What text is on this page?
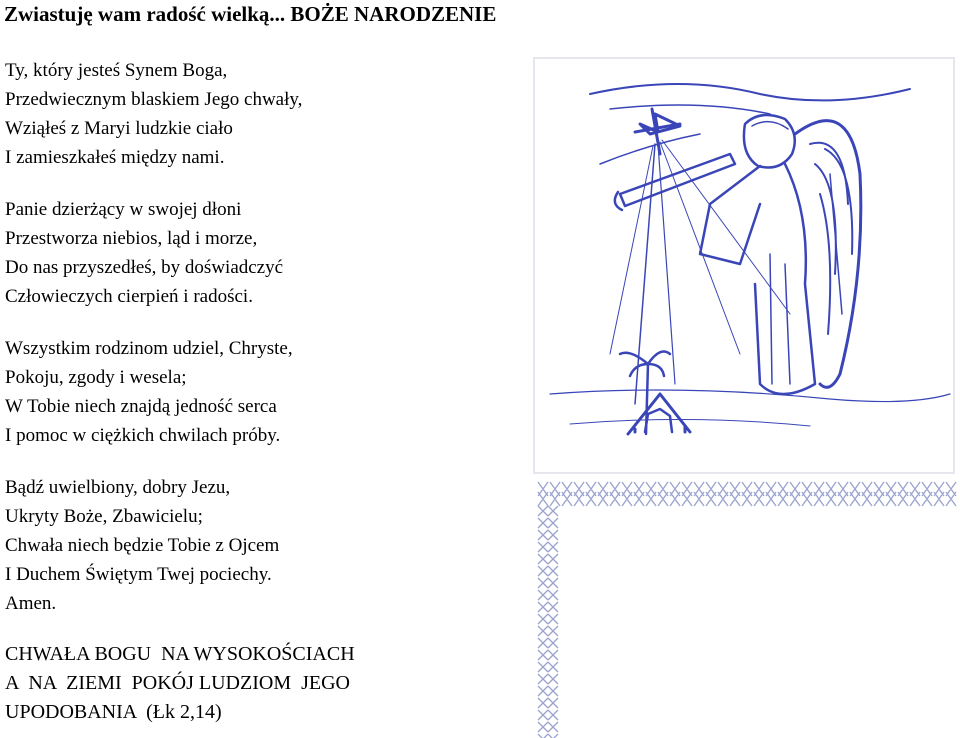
Zwiastuję wam radość wielką... BOŻE NARODZENIE
Ty, który jesteś Synem Boga,
Przedwiecznym blaskiem Jego chwały,
Wziąłeś z Maryi ludzkie ciało
I zamieszkałeś między nami.
Panie dzierżący w swojej dłoni
Przestworza niebios, ląd i morze,
Do nas przyszedłeś, by doświadczyć
Człowieczych cierpień i radości.
Wszystkim rodzinom udziel, Chryste,
Pokoju, zgody i wesela;
W Tobie niech znajdą jedność serca
I pomoc w ciężkich chwilach próby.
Bądź uwielbiony, dobry Jezu,
Ukryty Boże, Zbawicielu;
Chwała niech będzie Tobie z Ojcem
I Duchem Świętym Twej pociechy.
Amen.
CHWAŁA BOGU  NA WYSOKOŚCIACH
A  NA  ZIEMI  POKÓJ LUDZIOM  JEGO
UPODOBANIA  (Łk 2,14)
